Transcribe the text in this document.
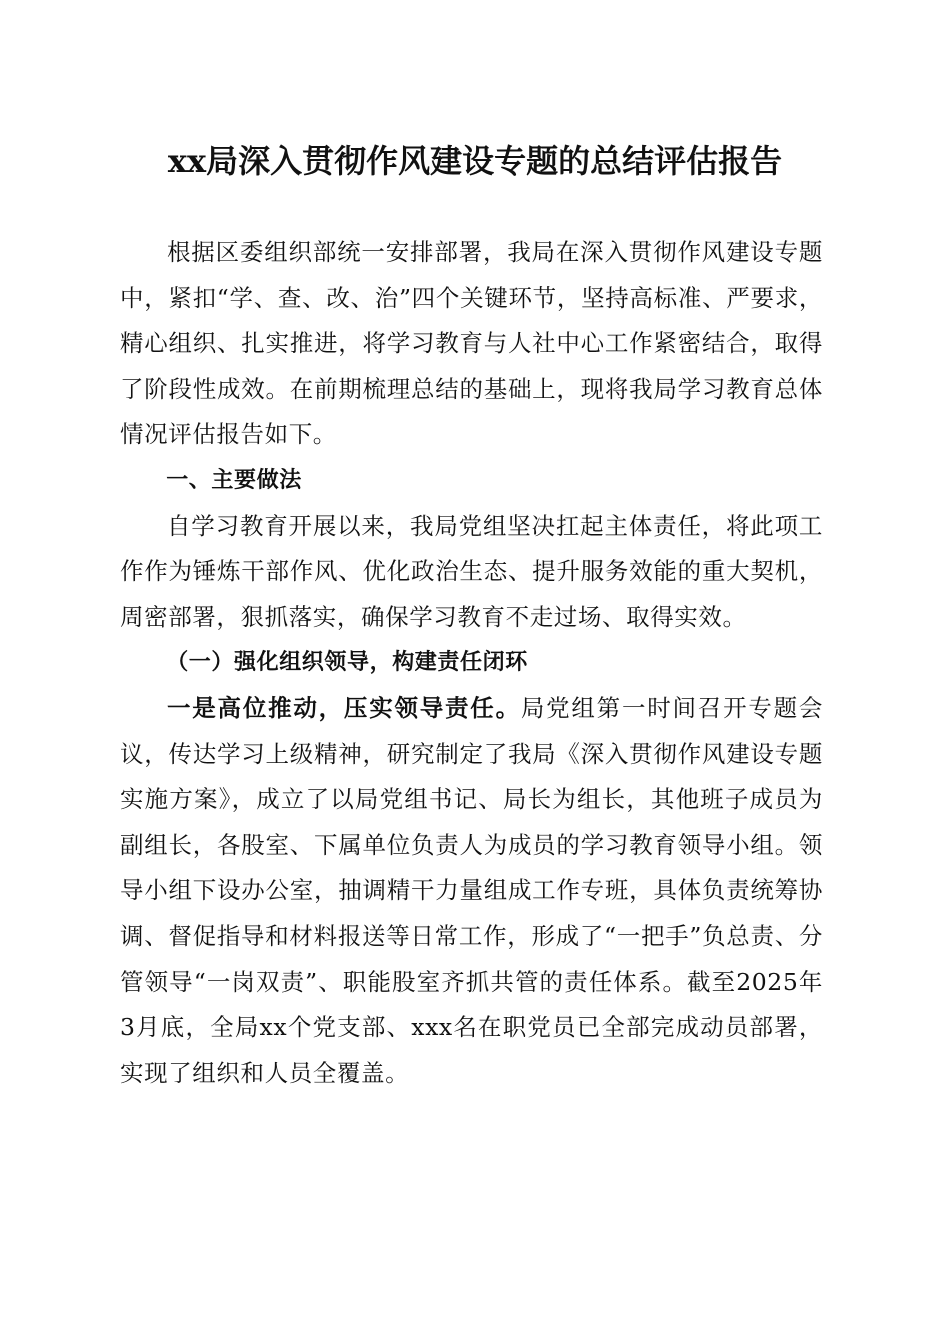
xx局深入贯彻作风建设专题的总结评估报告

根据区委组织部统一安排部署，我局在深入贯彻作风建设专题中，紧扣“学、查、改、治”四个关键环节，坚持高标准、严要求，精心组织、扎实推进，将学习教育与人社中心工作紧密结合，取得了阶段性成效。在前期梳理总结的基础上，现将我局学习教育总体情况评估报告如下。

一、主要做法

自学习教育开展以来，我局党组坚决扛起主体责任，将此项工作作为锤炼干部作风、优化政治生态、提升服务效能的重大契机，周密部署，狠抓落实，确保学习教育不走过场、取得实效。

（一）强化组织领导，构建责任闭环

一是高位推动，压实领导责任。局党组第一时间召开专题会议，传达学习上级精神，研究制定了我局《深入贯彻作风建设专题实施方案》，成立了以局党组书记、局长为组长，其他班子成员为副组长，各股室、下属单位负责人为成员的学习教育领导小组。领导小组下设办公室，抽调精干力量组成工作专班，具体负责统筹协调、督促指导和材料报送等日常工作，形成了“一把手”负总责、分管领导“一岗双责”、职能股室齐抓共管的责任体系。截至2025年3月底，全局xx个党支部、xxx名在职党员已全部完成动员部署，实现了组织和人员全覆盖。
